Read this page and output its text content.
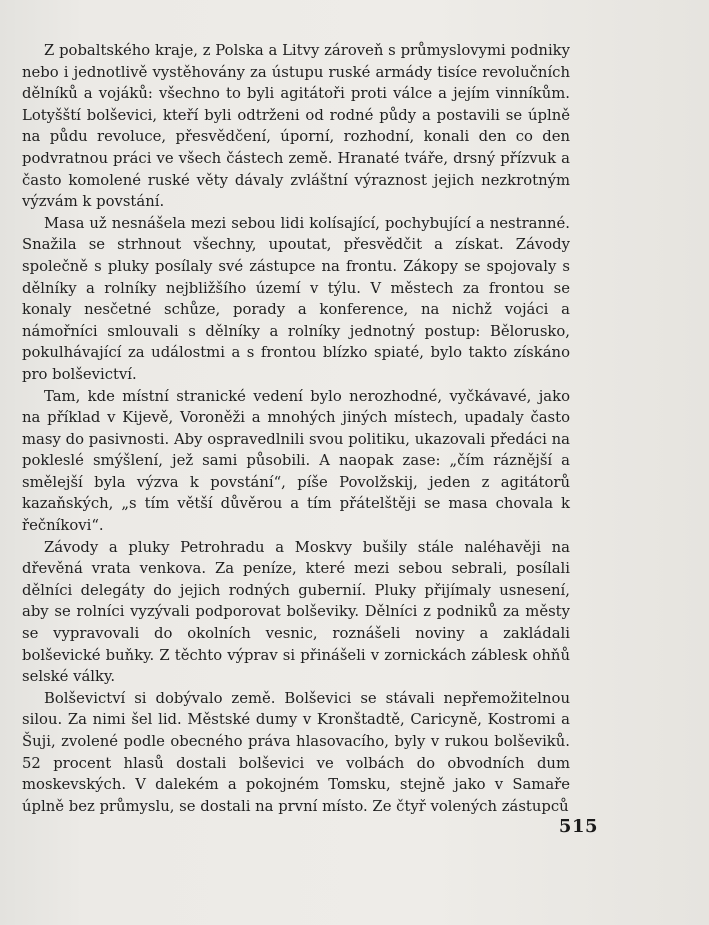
Z pobaltského kraje, z Polska a Litvy zároveň s průmyslovymi podniky nebo i jednotlivě vystěhovány za ústupu ruské armády tisíce revolučních dělníků a vojáků: všechno to byli agitátoři proti válce a jejím vinníkům. Lotyšští bolševici, kteří byli odtrženi od rodné půdy a postavili se úplně na půdu revoluce, přesvědčení, úporní, rozhodní, konali den co den podvratnou práci ve všech částech země. Hranaté tváře, drsný přízvuk a často komolené ruské věty dávaly zvláštní výraznost jejich nezkrotným výzvám k povstání.

Masa už nesnášela mezi sebou lidi kolísající, pochybující a nestranné. Snažila se strhnout všechny, upoutat, přesvědčit a získat. Závody společně s pluky posílaly své zástupce na frontu. Zákopy se spojovaly s dělníky a rolníky nejbližšího území v týlu. V městech za frontou se konaly nesčetné schůze, porady a konference, na nichž vojáci a námořníci smlouvali s dělníky a rolníky jednotný postup: Bělorusko, pokulhávající za událostmi a s frontou blízko spiaté, bylo takto získáno pro bolševictví.

Tam, kde místní stranické vedení bylo nerozhodné, vyčkávavé, jako na příklad v Kijevě, Voroněži a mnohých jiných místech, upadaly často masy do pasivnosti. Aby ospravedlnili svou politiku, ukazovali předáci na pokleslé smýšlení, jež sami působili. A naopak zase: „čím ráznější a smělejší byla výzva k povstání“, píše Povolžskij, jeden z agitátorů kazaňských, „s tím větší důvěrou a tím přátelštěji se masa chovala k řečníkovi“.

Závody a pluky Petrohradu a Moskvy bušily stále naléhavěji na dřevěná vrata venkova. Za peníze, které mezi sebou sebrali, posílali dělníci delegáty do jejich rodných gubernií. Pluky přijímaly usnesení, aby se rolníci vyzývali podporovat bolševiky. Dělníci z podniků za městy se vypravovali do okolních vesnic, roznášeli noviny a zakládali bolševické buňky. Z těchto výprav si přinášeli v zornickách záblesk ohňů selské války.

Bolševictví si dobývalo země. Bolševici se stávali nepřemožitelnou silou. Za nimi šel lid. Městské dumy v Kronštadtě, Caricyně, Kostromi a Šuji, zvolené podle obecného práva hlasovacího, byly v rukou bolševiků. 52 procent hlasů dostali bolševici ve volbách do obvodních dum moskevských. V dalekém a pokojném Tomsku, stejně jako v Samaře úplně bez průmyslu, se dostali na první místo. Ze čtyř volených zástupců

515
